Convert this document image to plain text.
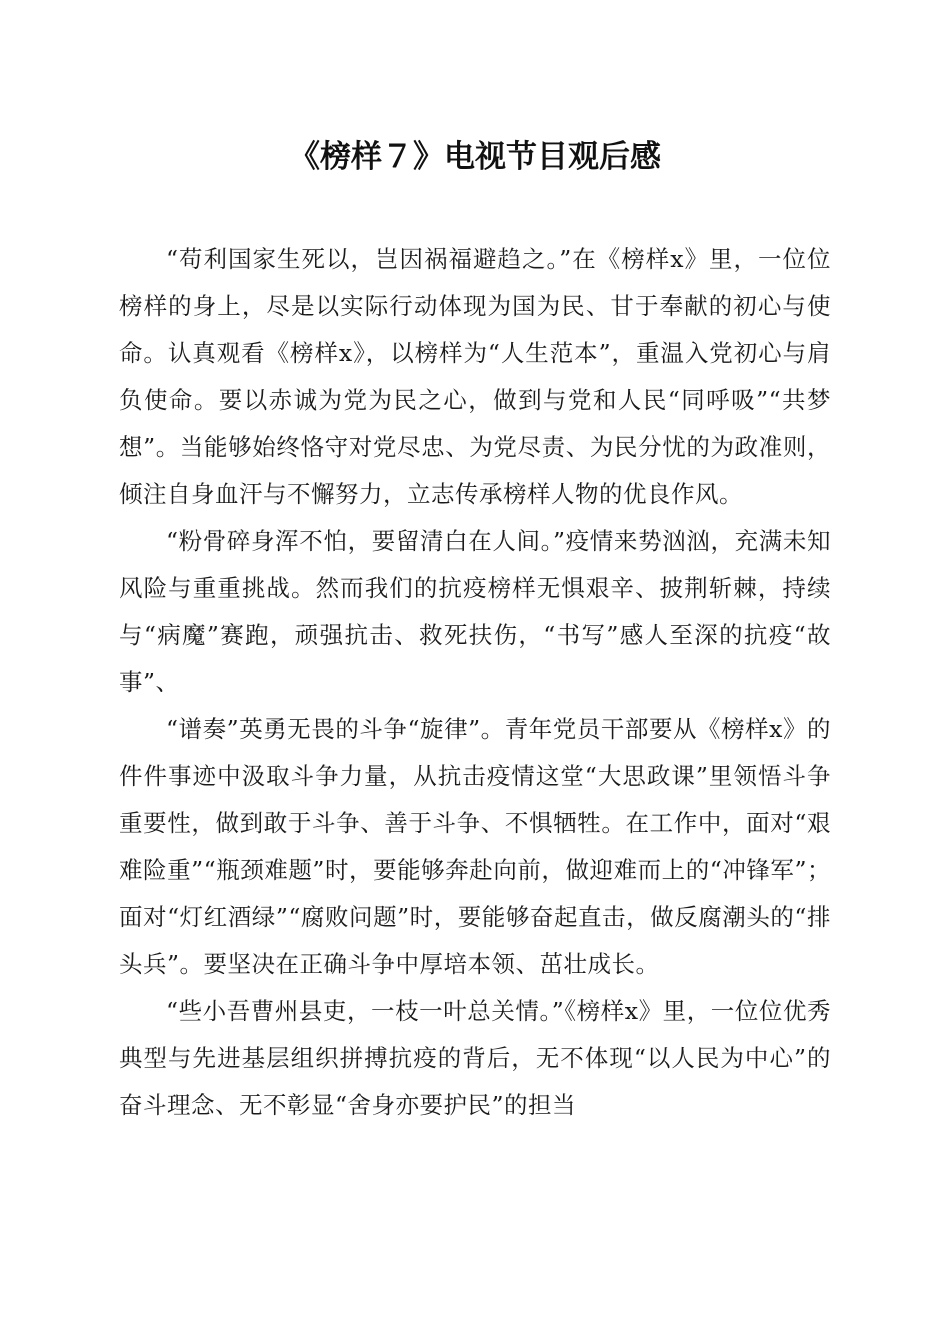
《榜样７》电视节目观后感

“苟利国家生死以，岂因祸福避趋之。”在《榜样x》里，一位位榜样的身上，尽是以实际行动体现为国为民、甘于奉献的初心与使命。认真观看《榜样x》，以榜样为“人生范本”，重温入党初心与肩负使命。要以赤诚为党为民之心，做到与党和人民“同呼吸”“共梦想”。当能够始终恪守对党尽忠、为党尽责、为民分忧的为政准则，倾注自身血汗与不懈努力，立志传承榜样人物的优良作风。

“粉骨碎身浑不怕，要留清白在人间。”疫情来势汹汹，充满未知风险与重重挑战。然而我们的抗疫榜样无惧艰辛、披荆斩棘，持续与“病魔”赛跑，顽强抗击、救死扶伤，“书写”感人至深的抗疫“故事”、

“谱奏”英勇无畏的斗争“旋律”。青年党员干部要从《榜样x》的件件事迹中汲取斗争力量，从抗击疫情这堂“大思政课”里领悟斗争重要性，做到敢于斗争、善于斗争、不惧牺牲。在工作中，面对“艰难险重”“瓶颈难题”时，要能够奔赴向前，做迎难而上的“冲锋军”；面对“灯红酒绿”“腐败问题”时，要能够奋起直击，做反腐潮头的“排头兵”。要坚决在正确斗争中厚培本领、茁壮成长。

“些小吾曹州县吏，一枝一叶总关情。”《榜样x》里，一位位优秀典型与先进基层组织拼搏抗疫的背后，无不体现“以人民为中心”的奋斗理念、无不彰显“舍身亦要护民”的担当
